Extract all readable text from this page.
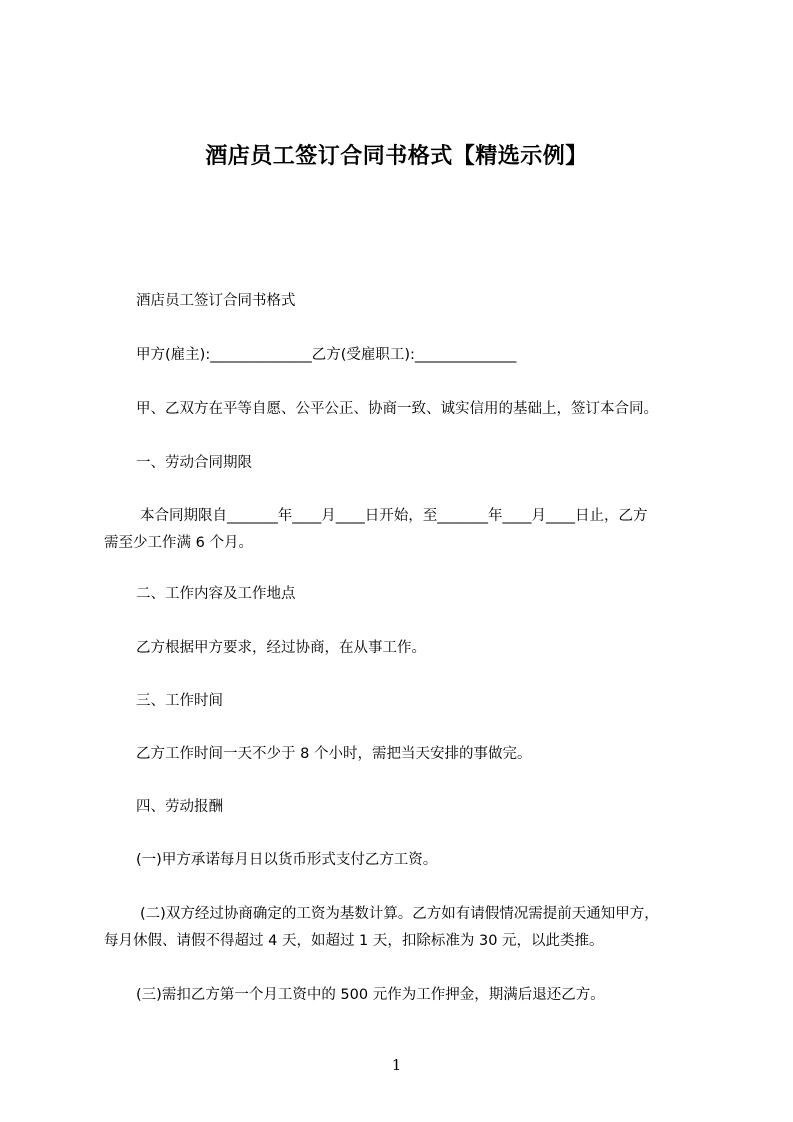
酒店员工签订合同书格式【精选示例】
酒店员工签订合同书格式
甲方(雇主):______________乙方(受雇职工):______________
甲、乙双方在平等自愿、公平公正、协商一致、诚实信用的基础上，签订本合同。
一、劳动合同期限
本合同期限自_______年____月____日开始，至_______年____月____日止，乙方
需至少工作满 6 个月。
二、工作内容及工作地点
乙方根据甲方要求，经过协商，在从事工作。
三、工作时间
乙方工作时间一天不少于 8 个小时，需把当天安排的事做完。
四、劳动报酬
(一)甲方承诺每月日以货币形式支付乙方工资。
(二)双方经过协商确定的工资为基数计算。乙方如有请假情况需提前天通知甲方，
每月休假、请假不得超过 4 天，如超过 1 天，扣除标准为 30 元，以此类推。
(三)需扣乙方第一个月工资中的 500 元作为工作押金，期满后退还乙方。
1
